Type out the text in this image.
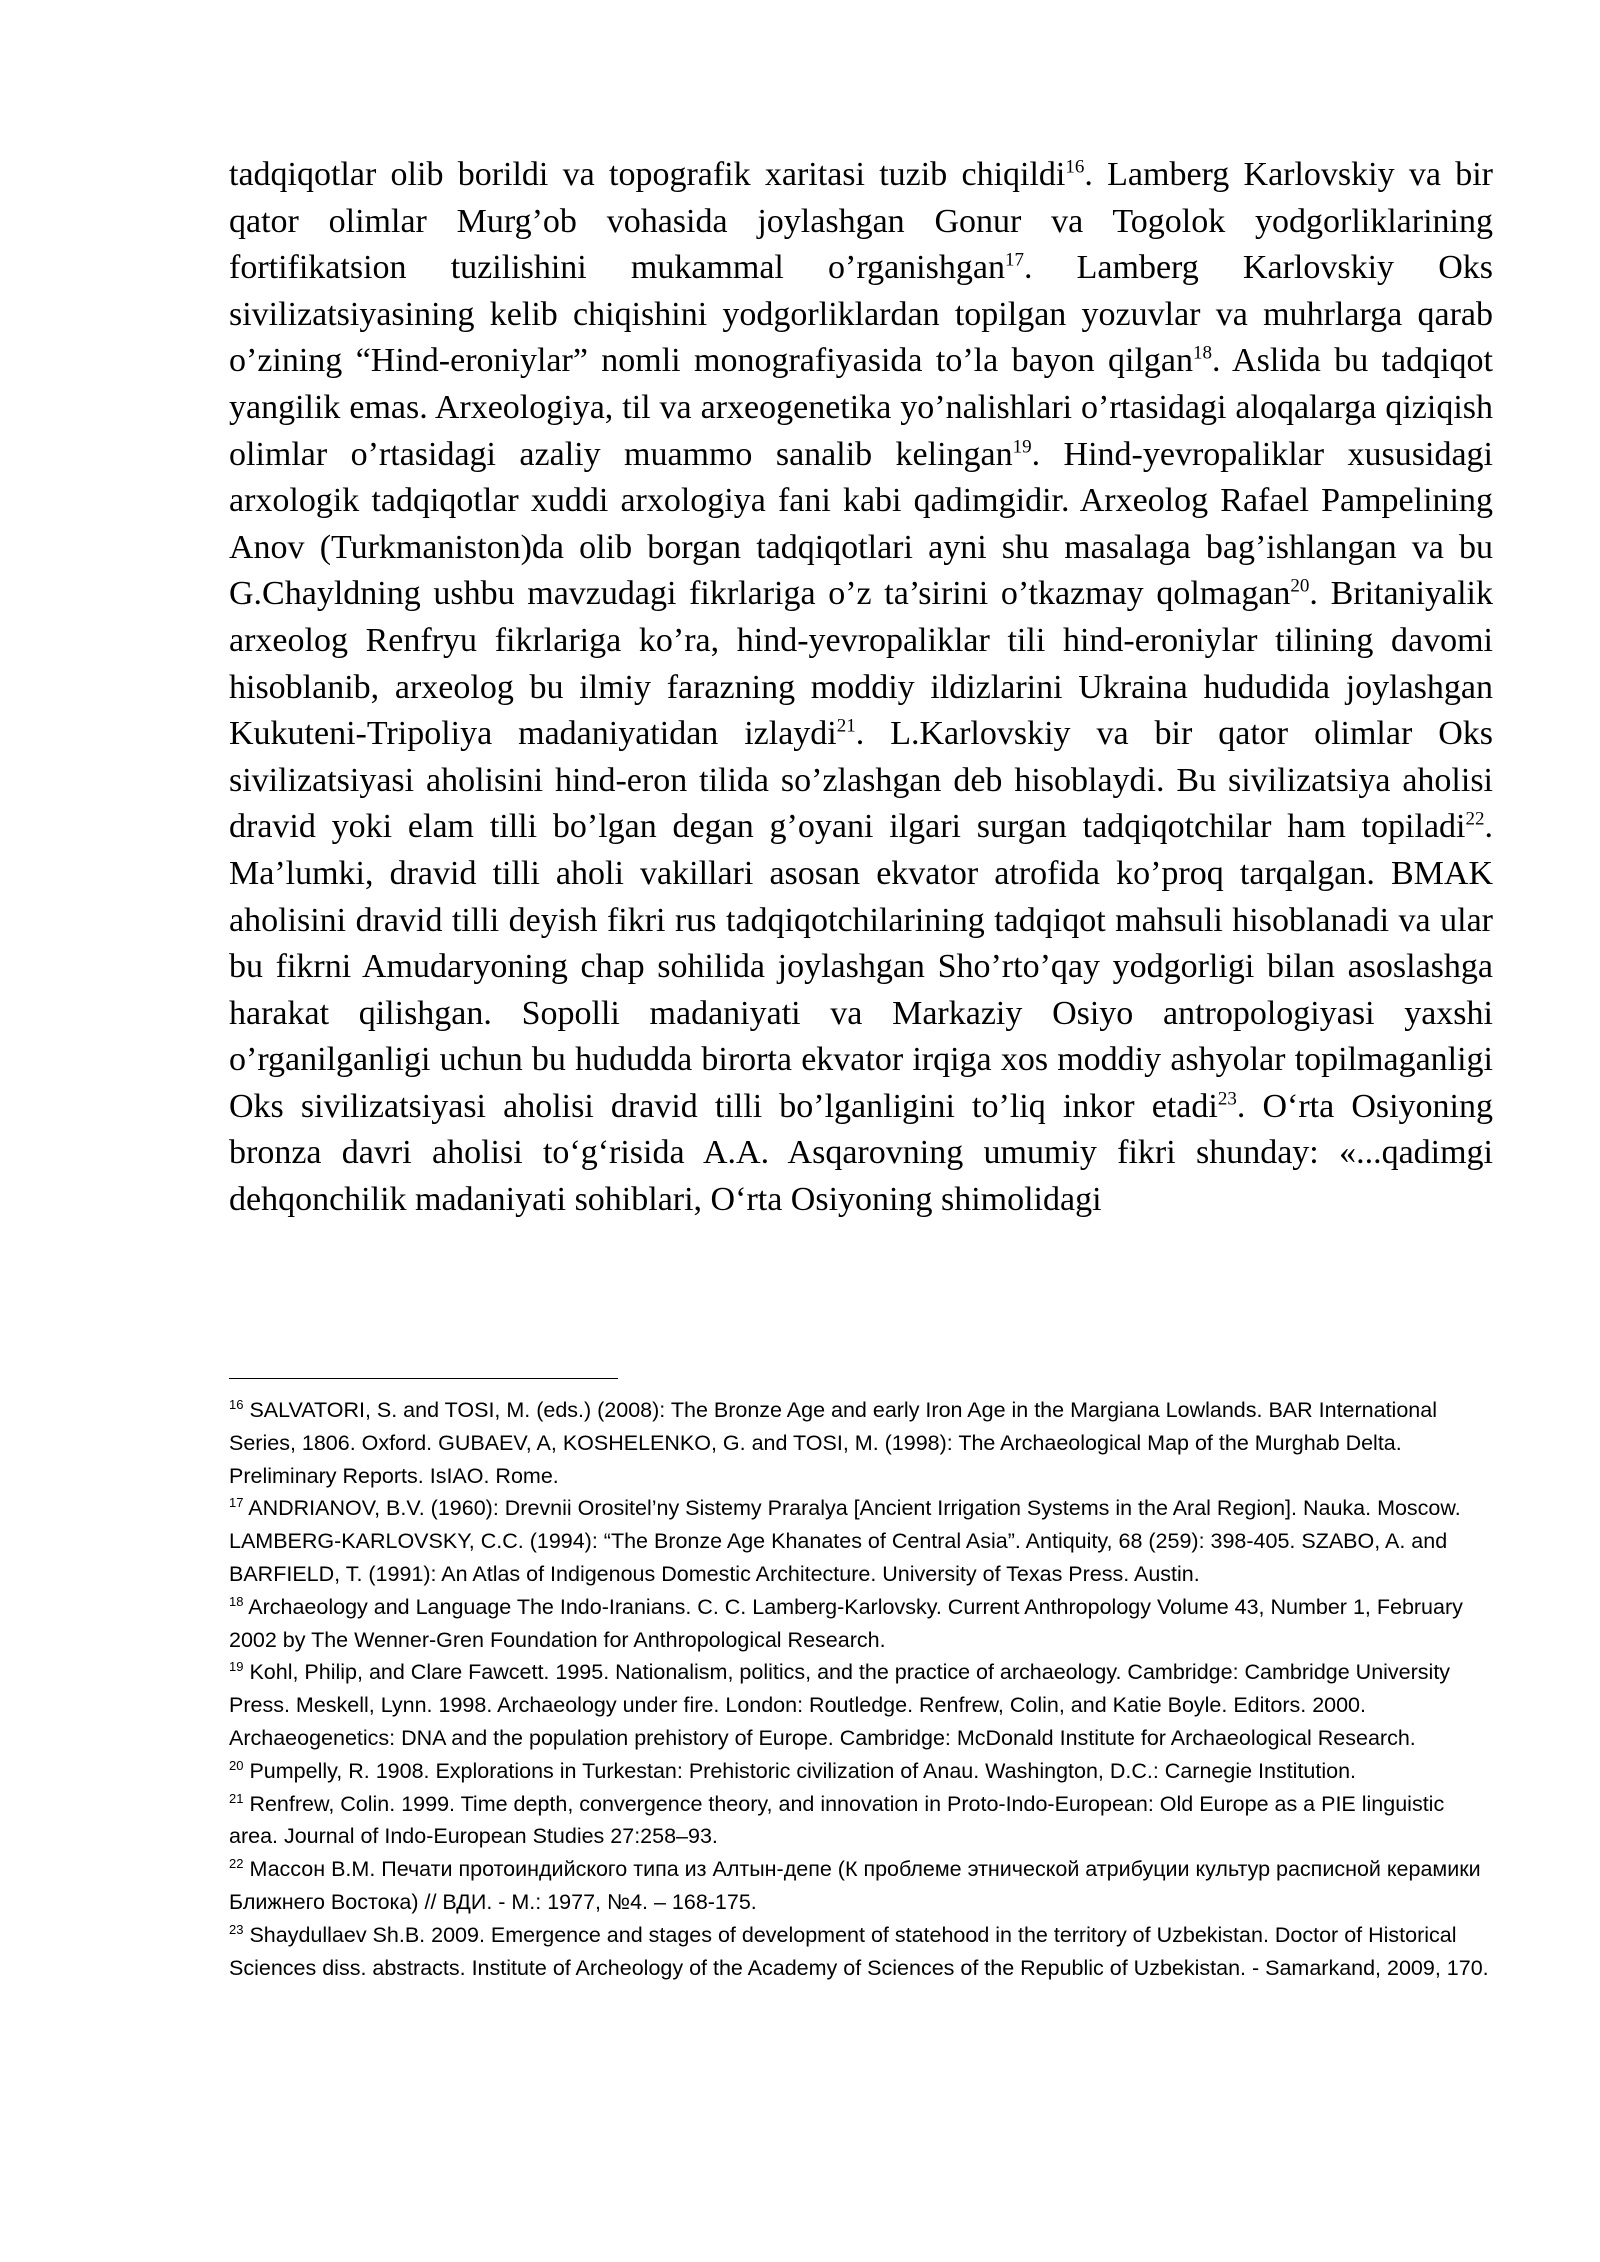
tadqiqotlar olib borildi va topografik xaritasi tuzib chiqildi$^{16}$. Lamberg Karlovskiy va bir qator olimlar Murg’ob vohasida joylashgan Gonur va Togolok yodgorliklarining fortifikatsion tuzilishini mukammal o’rganishgan$^{17}$. Lamberg Karlovskiy Oks sivilizatsiyasining kelib chiqishini yodgorliklardan topilgan yozuvlar va muhrlarga qarab o’zining “Hind-eroniylar” nomli monografiyasida to’la bayon qilgan$^{18}$. Aslida bu tadqiqot yangilik emas. Arxeologiya, til va arxeogenetika yo’nalishlari o’rtasidagi aloqalarga qiziqish olimlar o’rtasidagi azaliy muammo sanalib kelingan$^{19}$. Hind-yevropaliklar xususidagi arxologik tadqiqotlar xuddi arxologiya fani kabi qadimgidir. Arxeolog Rafael Pampelining Anov (Turkmaniston)da olib borgan tadqiqotlari ayni shu masalaga bag’ishlangan va bu G.Chayldning ushbu mavzudagi fikrlariga o’z ta’sirini o’tkazmay qolmagan$^{20}$. Britaniyalik arxeolog Renfryu fikrlariga ko’ra, hind-yevropaliklar tili hind-eroniylar tilining davomi hisoblanib, arxeolog bu ilmiy farazning moddiy ildizlarini Ukraina hududida joylashgan Kukuteni-Tripoliya madaniyatidan izlaydi$^{21}$. L.Karlovskiy va bir qator olimlar Oks sivilizatsiyasi aholisini hind-eron tilida so’zlashgan deb hisoblaydi. Bu sivilizatsiya aholisi dravid yoki elam tilli bo’lgan degan g’oyani ilgari surgan tadqiqotchilar ham topiladi$^{22}$. Ma’lumki, dravid tilli aholi vakillari asosan ekvator atrofida ko’proq tarqalgan. BMAK aholisini dravid tilli deyish fikri rus tadqiqotchilarining tadqiqot mahsuli hisoblanadi va ular bu fikrni Amudaryoning chap sohilida joylashgan Sho’rto’qay yodgorligi bilan asoslashga harakat qilishgan. Sopolli madaniyati va Markaziy Osiyo antropologiyasi yaxshi o’rganilganligi uchun bu hududda birorta ekvator irqiga xos moddiy ashyolar topilmaganligi Oks sivilizatsiyasi aholisi dravid tilli bo’lganligini to’liq inkor etadi$^{23}$. O‘rta Osiyoning bronza davri aholisi to‘g‘risida A.A. Asqarovning umumiy fikri shunday: «...qadimgi dehqonchilik madaniyati sohiblari, O‘rta Osiyoning shimolidagi

$^{16}$ SALVATORI, S. and TOSI, M. (eds.) (2008): The Bronze Age and early Iron Age in the Margiana Lowlands. BAR International Series, 1806. Oxford. GUBAEV, A, KOSHELENKO, G. and TOSI, M. (1998): The Archaeological Map of the Murghab Delta. Preliminary Reports. IsIAO. Rome.

$^{17}$ ANDRIANOV, B.V. (1960): Drevnii Orositel’ny Sistemy Praralya [Ancient Irrigation Systems in the Aral Region]. Nauka. Moscow. LAMBERG-KARLOVSKY, C.C. (1994): “The Bronze Age Khanates of Central Asia”. Antiquity, 68 (259): 398-405. SZABO, A. and BARFIELD, T. (1991): An Atlas of Indigenous Domestic Architecture. University of Texas Press. Austin.

$^{18}$ Archaeology and Language The Indo-Iranians. C. C. Lamberg-Karlovsky. Current Anthropology Volume 43, Number 1, February 2002 by The Wenner-Gren Foundation for Anthropological Research.

$^{19}$ Kohl, Philip, and Clare Fawcett. 1995. Nationalism, politics, and the practice of archaeology. Cambridge: Cambridge University Press. Meskell, Lynn. 1998. Archaeology under fire. London: Routledge. Renfrew, Colin, and Katie Boyle. Editors. 2000. Archaeogenetics: DNA and the population prehistory of Europe. Cambridge: McDonald Institute for Archaeological Research.

$^{20}$ Pumpelly, R. 1908. Explorations in Turkestan: Prehistoric civilization of Anau. Washington, D.C.: Carnegie Institution.

$^{21}$ Renfrew, Colin. 1999. Time depth, convergence theory, and innovation in Proto-Indo-European: Old Europe as a PIE linguistic area. Journal of Indo-European Studies 27:258–93.

$^{22}$ Массон В.М. Печати протоиндийского типа из Алтын-депе (К проблеме этнической атрибуции культур расписной керамики Ближнего Востока) // ВДИ. - М.: 1977, №4. – 168-175.

$^{23}$ Shaydullaev Sh.B. 2009. Emergence and stages of development of statehood in the territory of Uzbekistan. Doctor of Historical Sciences diss. abstracts. Institute of Archeology of the Academy of Sciences of the Republic of Uzbekistan. - Samarkand, 2009, 170.
